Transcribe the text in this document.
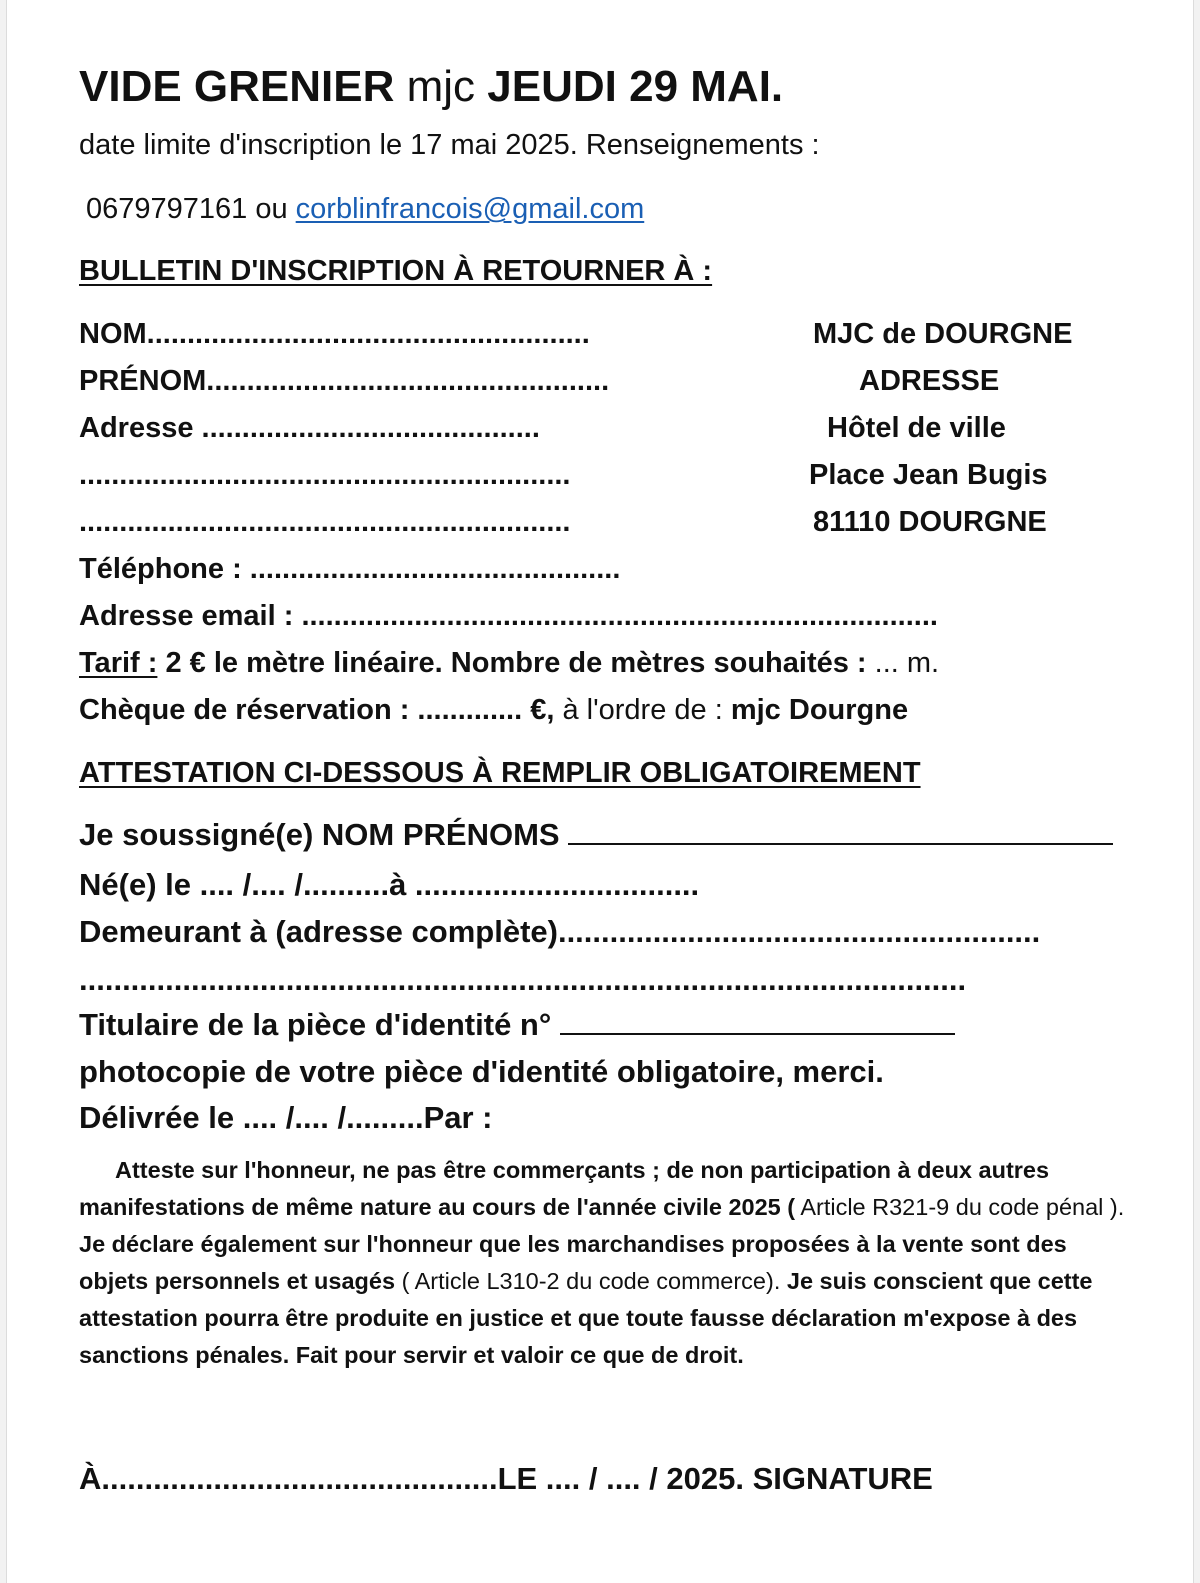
VIDE GRENIER mjc JEUDI 29 MAI.
date limite d'inscription le 17 mai 2025. Renseignements :
0679797161 ou corblinfrancois@gmail.com
BULLETIN D'INSCRIPTION À RETOURNER À :
NOM.......................................................
PRÉNOM..................................................
Adresse ..........................................
.............................................................
.............................................................
Téléphone : ..............................................
Adresse email : ...............................................................................
Tarif : 2 € le mètre linéaire. Nombre de mètres souhaités : ... m.
Chèque de réservation : ............. €, à l'ordre de : mjc Dourgne
MJC de DOURGNE
ADRESSE
Hôtel de ville
Place Jean Bugis
81110 DOURGNE
ATTESTATION CI-DESSOUS À REMPLIR OBLIGATOIREMENT
Je soussigné(e) NOM PRÉNOMS
Né(e) le .... /.... /..........à .................................
Demeurant à (adresse complète)........................................................
.......................................................................................................
Titulaire de la pièce d'identité n°
photocopie de votre pièce d'identité obligatoire, merci.
Délivrée le .... /.... /.........Par :
Atteste sur l'honneur, ne pas être commerçants ; de non participation à deux autres manifestations de même nature au cours de l'année civile 2025 ( Article R321-9 du code pénal ). Je déclare également sur l'honneur que les marchandises proposées à la vente sont des objets personnels et usagés ( Article L310-2 du code commerce). Je suis conscient que cette attestation pourra être produite en justice et que toute fausse déclaration m'expose à des sanctions pénales. Fait pour servir et valoir ce que de droit.
À..............................................LE .... / .... / 2025. SIGNATURE
